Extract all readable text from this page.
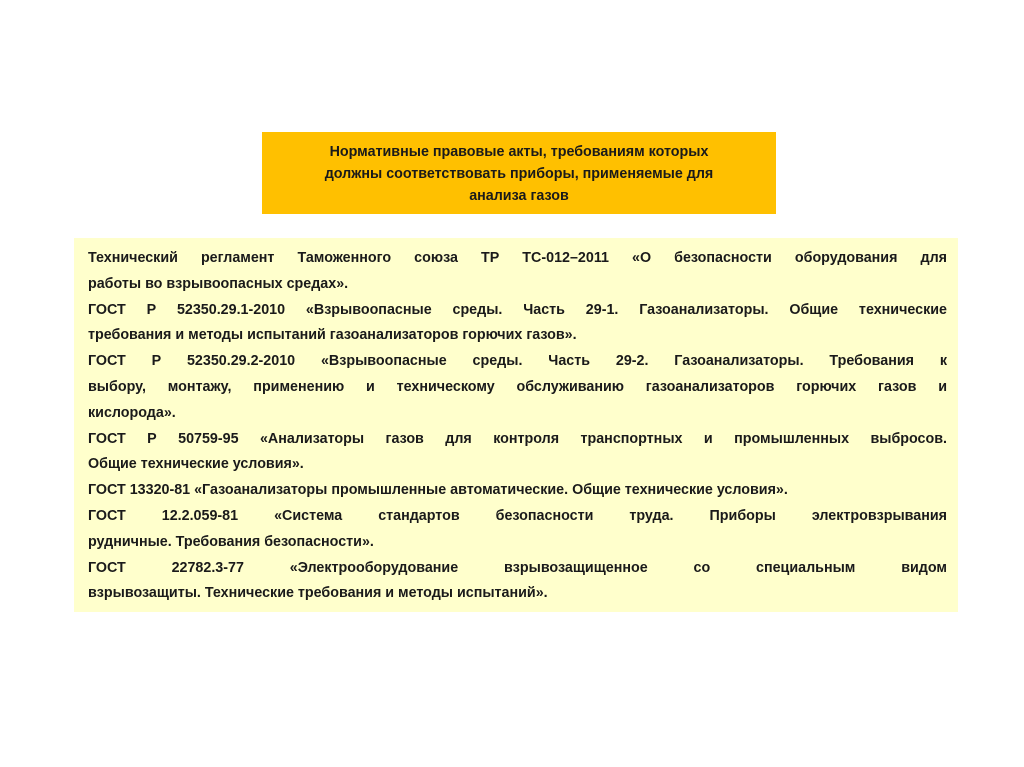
Нормативные правовые акты, требованиям которых
должны соответствовать приборы, применяемые для
анализа газов
Технический регламент Таможенного союза ТР ТС-012–2011 «О безопасности оборудования для
работы во взрывоопасных средах».
ГОСТ Р 52350.29.1-2010 «Взрывоопасные среды. Часть 29-1. Газоанализаторы. Общие технические
требования и методы испытаний газоанализаторов горючих газов».
ГОСТ Р 52350.29.2-2010 «Взрывоопасные среды. Часть 29-2. Газоанализаторы. Требования к
выбору, монтажу, применению и техническому обслуживанию газоанализаторов горючих газов и
кислорода».
ГОСТ Р 50759-95 «Анализаторы газов для контроля транспортных и промышленных выбросов.
Общие технические условия».
ГОСТ 13320-81 «Газоанализаторы промышленные автоматические. Общие технические условия».
ГОСТ 12.2.059-81 «Система стандартов безопасности труда. Приборы электровзрывания
рудничные. Требования безопасности».
ГОСТ 22782.3-77 «Электрооборудование взрывозащищенное со специальным видом
взрывозащиты. Технические требования и методы испытаний».
